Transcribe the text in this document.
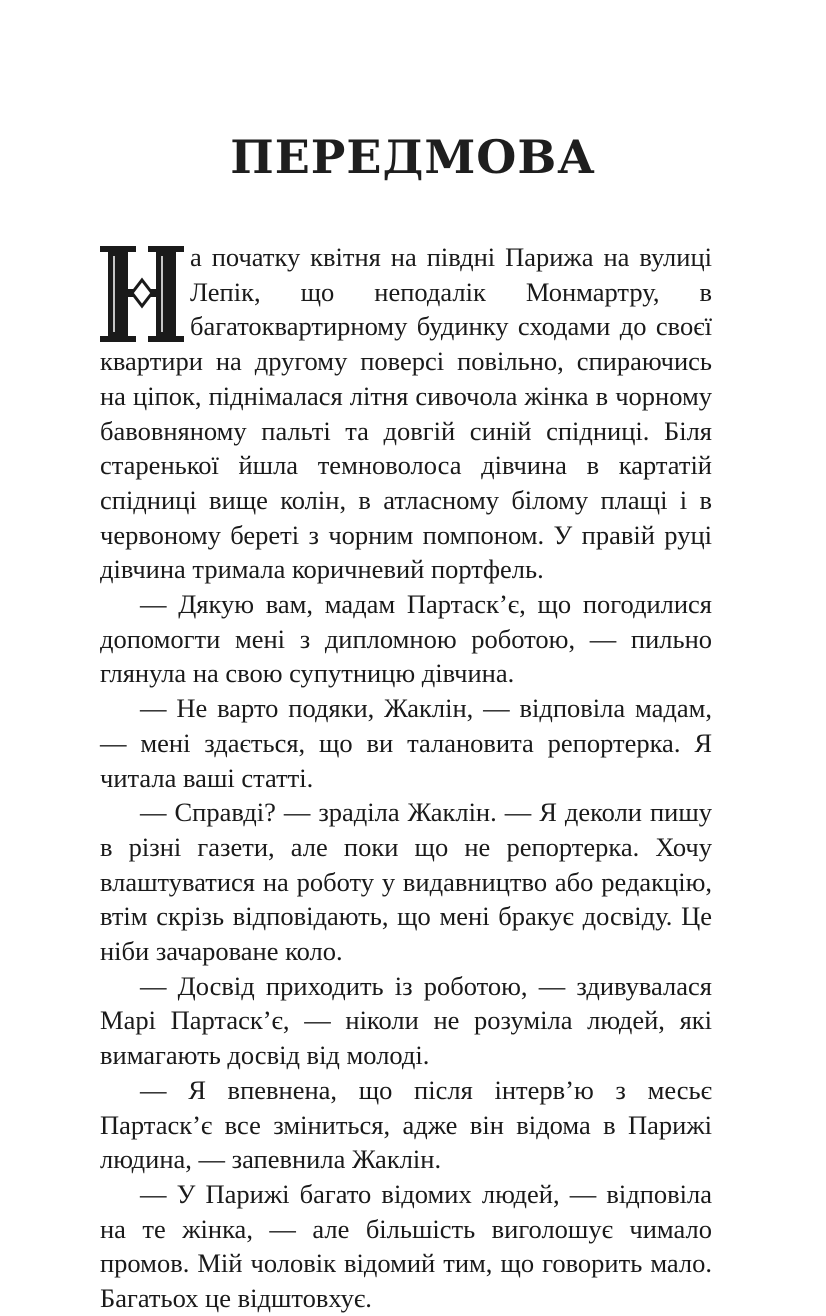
ПЕРЕДМОВА

а початку квітня на півдні Парижа на вулиці Лепік, що неподалік Монмартру, в багатоквартирному будинку сходами до своєї квартири на другому поверсі повільно, спираючись на ціпок, піднімалася літня сивочола жінка в чорному бавовняному пальті та довгій синій спідниці. Біля старенької йшла темноволоса дівчина в картатій спідниці вище колін, в атласному білому плащі і в червоному береті з чорним помпоном. У правій руці дівчина тримала коричневий портфель.

— Дякую вам, мадам Партаск’є, що погодилися допомогти мені з дипломною роботою, — пильно глянула на свою супутницю дівчина.

— Не варто подяки, Жаклін, — відповіла мадам, — мені здається, що ви талановита репортерка. Я читала ваші статті.

— Справді? — зраділа Жаклін. — Я деколи пишу в різні газети, але поки що не репортерка. Хочу влаштуватися на роботу у видавництво або редакцію, втім скрізь відповідають, що мені бракує досвіду. Це ніби зачароване коло.

— Досвід приходить із роботою, — здивувалася Марі Партаск’є, — ніколи не розуміла людей, які вимагають досвід від молоді.

— Я впевнена, що після інтерв’ю з месьє Партаск’є все зміниться, адже він відома в Парижі людина, — запевнила Жаклін.

— У Парижі багато відомих людей, — відповіла на те жінка, — але більшість виголошує чимало промов. Мій чоловік відомий тим, що говорить мало. Багатьох це відштовхує.
